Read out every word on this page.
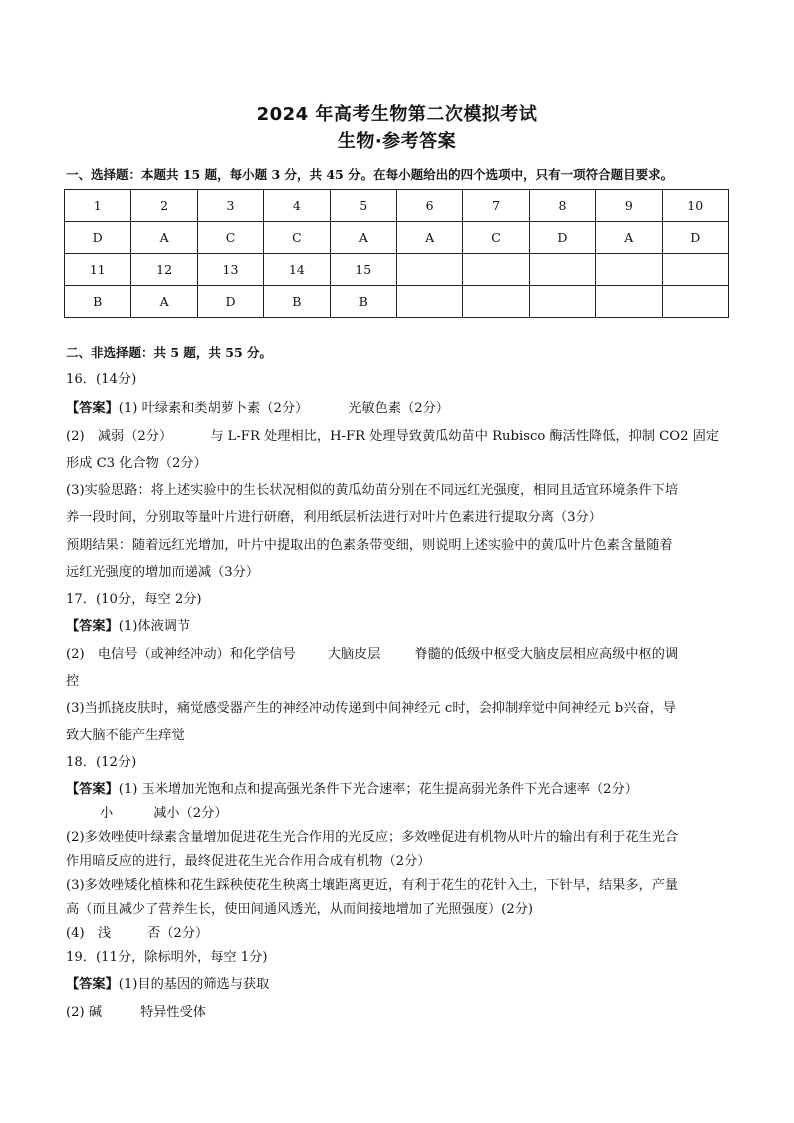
2024 年高考生物第二次模拟考试
生物·参考答案
一、选择题：本题共 15 题，每小题 3 分，共 45 分。在每小题给出的四个选项中，只有一项符合题目要求。
1	2	3	4	5	6	7	8	9	10
D	A	C	C	A	A	C	D	A	D
11	12	13	14	15					
B	A	D	B	B					
二、非选择题：共 5 题，共 55 分。
16．(14分)
【答案】(1) 叶绿素和类胡萝卜素（2分）	光敏色素（2分）
(2)　减弱（2分）	与 L-FR 处理相比，H-FR 处理导致黄瓜幼苗中 Rubisco 酶活性降低，抑制 CO2 固定
形成 C3 化合物（2分）
(3)实验思路：将上述实验中的生长状况相似的黄瓜幼苗分别在不同远红光强度，相同且适宜环境条件下培
养一段时间，分别取等量叶片进行研磨，利用纸层析法进行对叶片色素进行提取分离（3分）
预期结果：随着远红光增加，叶片中提取出的色素条带变细，则说明上述实验中的黄瓜叶片色素含量随着
远红光强度的增加而递减（3分）
17．(10分，每空 2分)
【答案】(1)体液调节
(2)　电信号（或神经冲动）和化学信号 大脑皮层	脊髓的低级中枢受大脑皮层相应高级中枢的调
控
(3)当抓挠皮肤时，痛觉感受器产生的神经冲动传递到中间神经元 c时，会抑制痒觉中间神经元 b兴奋，导
致大脑不能产生痒觉
18．(12分)
【答案】(1) 玉米增加光饱和点和提高强光条件下光合速率；花生提高弱光条件下光合速率（2分）
小	减小（2分）
(2)多效唑使叶绿素含量增加促进花生光合作用的光反应；多效唑促进有机物从叶片的输出有利于花生光合
作用暗反应的进行，最终促进花生光合作用合成有机物（2分）
(3)多效唑矮化植株和花生踩秧使花生秧离土壤距离更近，有利于花生的花针入土，下针早，结果多，产量
高（而且减少了营养生长，使田间通风透光，从而间接地增加了光照强度）(2分)
(4)　浅	否（2分）
19．(11分，除标明外，每空 1分)
【答案】(1)目的基因的筛选与获取
(2) 碱	特异性受体
